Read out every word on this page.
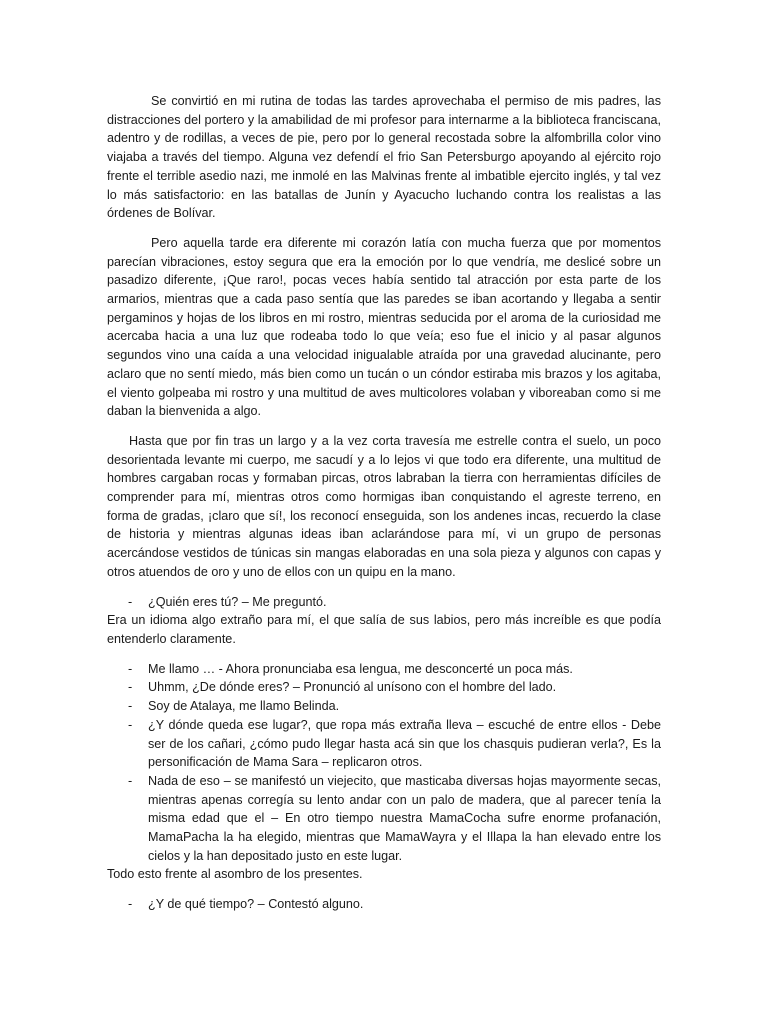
Se convirtió en mi rutina de todas las tardes aprovechaba el permiso de mis padres, las distracciones del portero y la amabilidad de mi profesor para internarme a la biblioteca franciscana, adentro y de rodillas, a veces de pie, pero por lo general recostada sobre la alfombrilla color vino viajaba a través del tiempo. Alguna vez defendí el frio San Petersburgo apoyando al ejército rojo frente el terrible asedio nazi, me inmolé en las Malvinas frente al imbatible ejercito inglés, y tal vez lo más satisfactorio: en las batallas de Junín y Ayacucho luchando contra los realistas a las órdenes de Bolívar.

Pero aquella tarde era diferente mi corazón latía con mucha fuerza que por momentos parecían vibraciones, estoy segura que era la emoción por lo que vendría, me deslicé sobre un pasadizo diferente, ¡Que raro!, pocas veces había sentido tal atracción por esta parte de los armarios, mientras que a cada paso sentía que las paredes se iban acortando y llegaba a sentir pergaminos y hojas de los libros en mi rostro, mientras seducida por el aroma de la curiosidad me acercaba hacia a una luz que rodeaba todo lo que veía; eso fue el inicio y al pasar algunos segundos vino una caída a una velocidad inigualable atraída por una gravedad alucinante, pero aclaro que no sentí miedo, más bien como un tucán o un cóndor estiraba mis brazos y los agitaba, el viento golpeaba mi rostro y una multitud de aves multicolores volaban y viboreaban como si me daban la bienvenida a algo.

Hasta que por fin tras un largo y a la vez corta travesía me estrelle contra el suelo, un poco desorientada levante mi cuerpo, me sacudí y a lo lejos vi que todo era diferente, una multitud de hombres cargaban rocas y formaban pircas, otros labraban la tierra con herramientas difíciles de comprender para mí, mientras otros como hormigas iban conquistando el agreste terreno, en forma de gradas, ¡claro que sí!, los reconocí enseguida, son los andenes incas, recuerdo la clase de historia y mientras algunas ideas iban aclarándose para mí, vi un grupo de personas acercándose vestidos de túnicas sin mangas elaboradas en una sola pieza y algunos con capas y otros atuendos de oro y uno de ellos con un quipu en la mano.

- ¿Quién eres tú? – Me preguntó.

Era un idioma algo extraño para mí, el que salía de sus labios, pero más increíble es que podía entenderlo claramente.

- Me llamo … - Ahora pronunciaba esa lengua, me desconcerté un poca más.
- Uhmm, ¿De dónde eres? – Pronunció al unísono con el hombre del lado.
- Soy de Atalaya, me llamo Belinda.
- ¿Y dónde queda ese lugar?, que ropa más extraña lleva – escuché de entre ellos - Debe ser de los cañari, ¿cómo pudo llegar hasta acá sin que los chasquis pudieran verla?, Es la personificación de Mama Sara – replicaron otros.
- Nada de eso – se manifestó un viejecito, que masticaba diversas hojas mayormente secas, mientras apenas corregía su lento andar con un palo de madera, que al parecer tenía la misma edad que el – En otro tiempo nuestra MamaCocha sufre enorme profanación, MamaPacha la ha elegido, mientras que MamaWayra y el Illapa la han elevado entre los cielos y la han depositado justo en este lugar.

Todo esto frente al asombro de los presentes.

- ¿Y de qué tiempo? – Contestó alguno.
